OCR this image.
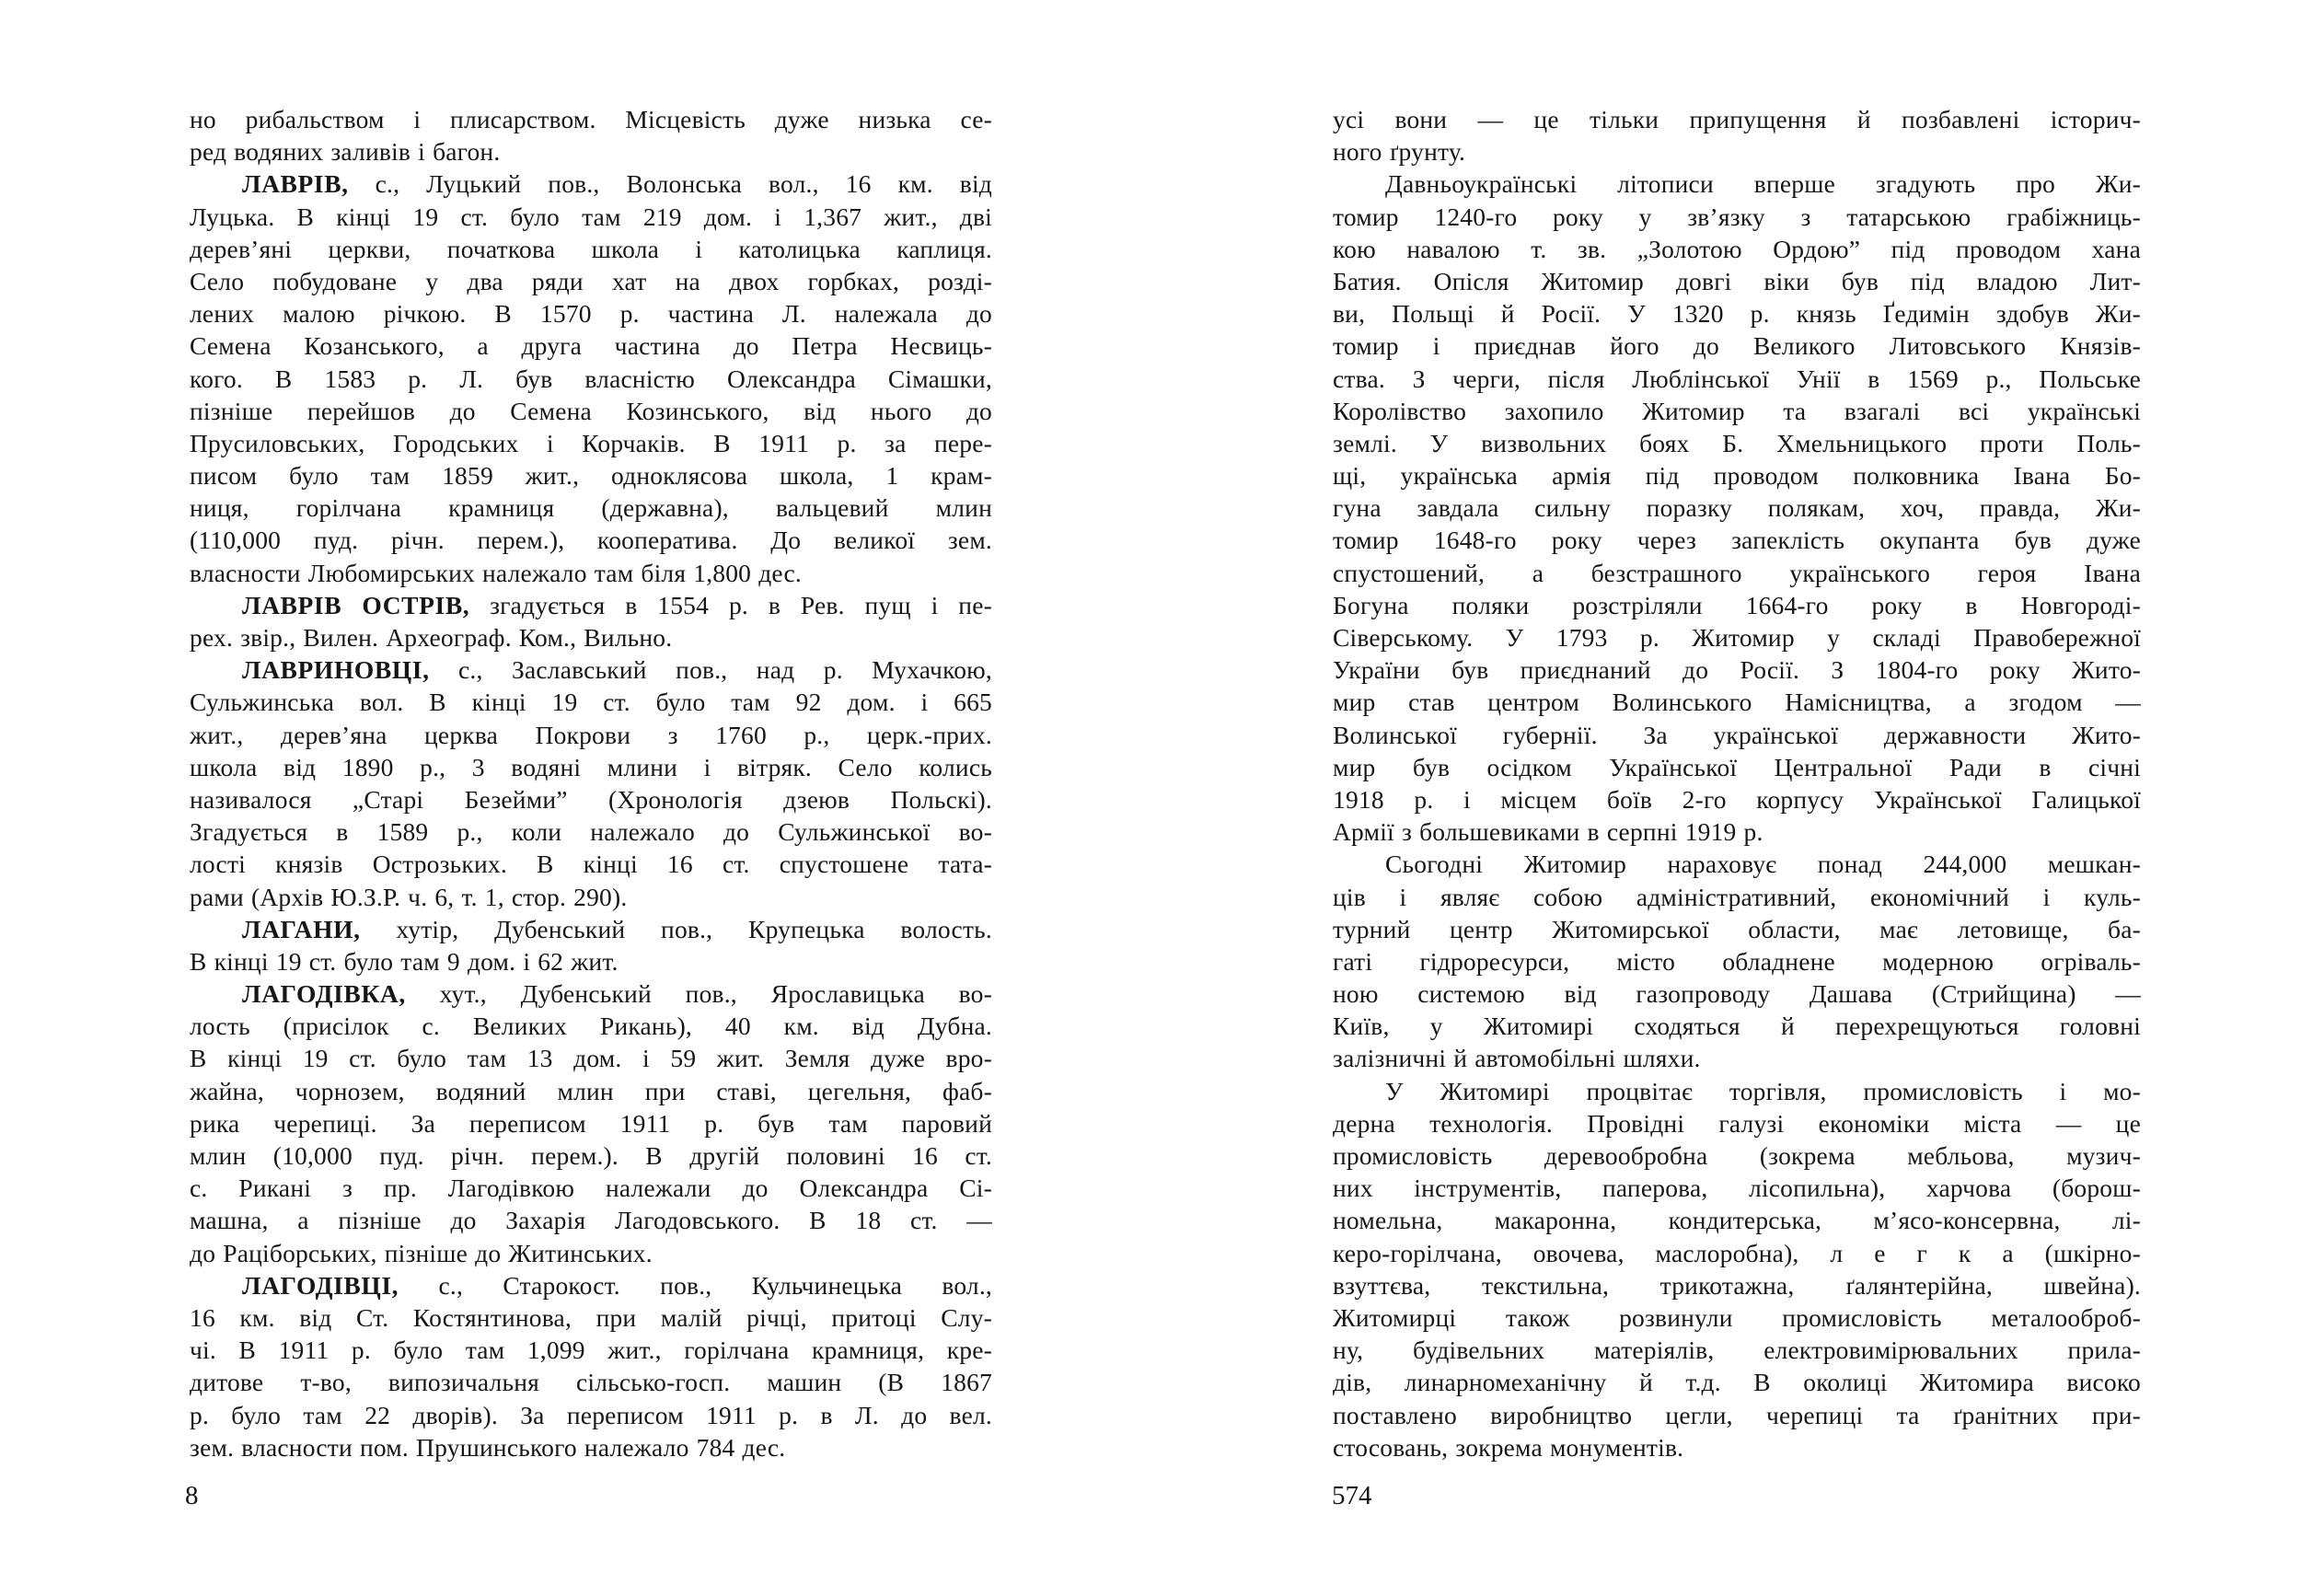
но рибальством і плисарством. Місцевість дуже низька се-
ред водяних заливів і багон.
ЛАВРІВ, с., Луцький пов., Волонська вол., 16 км. від
Луцька. В кінці 19 ст. було там 219 дом. і 1,367 жит., дві
дерев’яні церкви, початкова школа і католицька каплиця.
Село побудоване у два ряди хат на двох горбках, розді-
лених малою річкою. В 1570 р. частина Л. належала до
Семена Козанського, а друга частина до Петра Несвиць-
кого. В 1583 р. Л. був власністю Олександра Сімашки,
пізніше перейшов до Семена Козинського, від нього до
Прусиловських, Городських і Корчаків. В 1911 р. за пере-
писом було там 1859 жит., одноклясова школа, 1 крам-
ниця, горілчана крамниця (державна), вальцевий млин
(110,000 пуд. річн. перем.), кооператива. До великої зем.
власности Любомирських належало там біля 1,800 дес.
ЛАВРІВ ОСТРІВ, згадується в 1554 р. в Рев. пущ і пе-
рех. звір., Вилен. Археограф. Ком., Вильно.
ЛАВРИНОВЦІ, с., Заславський пов., над р. Мухачкою,
Сульжинська вол. В кінці 19 ст. було там 92 дом. і 665
жит., дерев’яна церква Покрови з 1760 р., церк.-прих.
школа від 1890 р., 3 водяні млини і вітряк. Село колись
називалося „Старі Безейми” (Хронологія дзеюв Польскі).
Згадується в 1589 р., коли належало до Сульжинської во-
лості князів Острозьких. В кінці 16 ст. спустошене тата-
рами (Архів Ю.З.Р. ч. 6, т. 1, стор. 290).
ЛАГАНИ, хутір, Дубенський пов., Крупецька волость.
В кінці 19 ст. було там 9 дом. і 62 жит.
ЛАГОДІВКА, хут., Дубенський пов., Ярославицька во-
лость (присілок с. Великих Рикань), 40 км. від Дубна.
В кінці 19 ст. було там 13 дом. і 59 жит. Земля дуже вро-
жайна, чорнозем, водяний млин при ставі, цегельня, фаб-
рика черепиці. За переписом 1911 р. був там паровий
млин (10,000 пуд. річн. перем.). В другій половині 16 ст.
с. Рикані з пр. Лагодівкою належали до Олександра Сі-
машна, а пізніше до Захарія Лагодовського. В 18 ст. —
до Раціборських, пізніше до Житинських.
ЛАГОДІВЦІ, с., Старокост. пов., Кульчинецька вол.,
16 км. від Ст. Костянтинова, при малій річці, притоці Слу-
чі. В 1911 р. було там 1,099 жит., горілчана крамниця, кре-
дитове т-во, випозичальня сільсько-госп. машин (В 1867
р. було там 22 дворів). За переписом 1911 р. в Л. до вел.
зем. власности пом. Прушинського належало 784 дес.
усі вони — це тільки припущення й позбавлені історич-
ного ґрунту.
Давньоукраїнські літописи вперше згадують про Жи-
томир 1240-го року у зв’язку з татарською грабіжниць-
кою навалою т. зв. „Золотою Ордою” під проводом хана
Батия. Опісля Житомир довгі віки був під владою Лит-
ви, Польщі й Росії. У 1320 р. князь Ґедимін здобув Жи-
томир і приєднав його до Великого Литовського Князів-
ства. З черги, після Люблінської Унії в 1569 р., Польське
Королівство захопило Житомир та взагалі всі українські
землі. У визвольних боях Б. Хмельницького проти Поль-
щі, українська армія під проводом полковника Івана Бо-
гуна завдала сильну поразку полякам, хоч, правда, Жи-
томир 1648-го року через запеклість окупанта був дуже
спустошений, а безстрашного українського героя Івана
Богуна поляки розстріляли 1664-го року в Новгороді-
Сіверському. У 1793 р. Житомир у складі Правобережної
України був приєднаний до Росії. З 1804-го року Жито-
мир став центром Волинського Намісництва, а згодом —
Волинської губернії. За української державности Жито-
мир був осідком Української Центральної Ради в січні
1918 р. і місцем боїв 2-го корпусу Української Галицької
Армії з большевиками в серпні 1919 р.
Сьогодні Житомир нараховує понад 244,000 мешкан-
ців і являє собою адміністративний, економічний і куль-
турний центр Житомирської области, має летовище, ба-
гаті гідроресурси, місто обладнене модерною огріваль-
ною системою від газопроводу Дашава (Стрийщина) —
Київ, у Житомирі сходяться й перехрещуються головні
залізничні й автомобільні шляхи.
У Житомирі процвітає торгівля, промисловість і мо-
дерна технологія. Провідні галузі економіки міста — це
промисловість деревообробна (зокрема мебльова, музич-
них інструментів, паперова, лісопильна), харчова (борош-
номельна, макаронна, кондитерська, м’ясо-консервна, лі-
керо-горілчана, овочева, маслоробна), л е г к а (шкірно-
взуттєва, текстильна, трикотажна, ґалянтерійна, швейна).
Житомирці також розвинули промисловість металооброб-
ну, будівельних матеріялів, електровимірювальних прила-
дів, линарномеханічну й т.д. В околиці Житомира високо
поставлено виробництво цегли, черепиці та ґранітних при-
стосовань, зокрема монументів.
8	574
